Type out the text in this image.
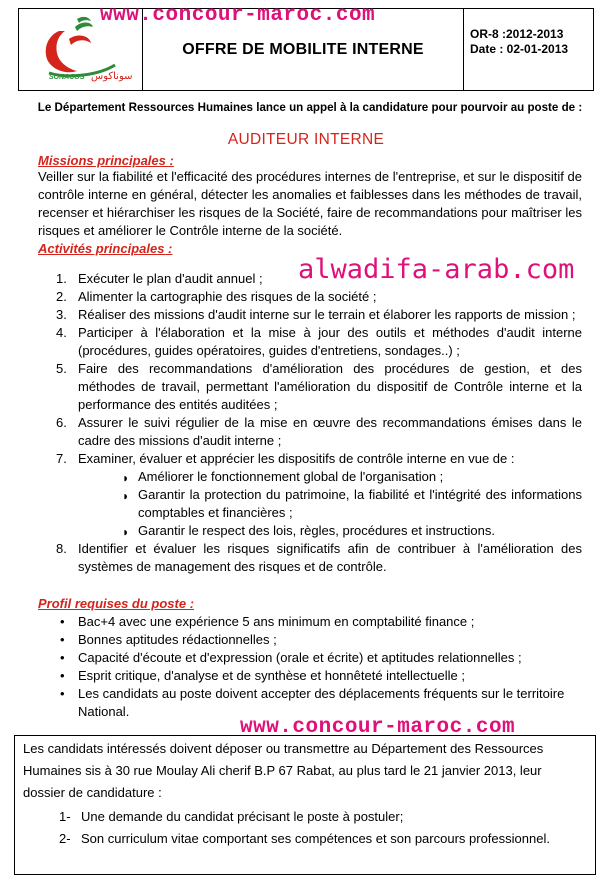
SONACOS سوناكوس
OFFRE DE MOBILITE INTERNE
OR-8 :2012-2013
Date : 02-01-2013
www.concour-maroc.com
Le Département Ressources Humaines lance un appel à la candidature pour pourvoir au poste de :
AUDITEUR INTERNE
Missions principales :
Veiller sur la fiabilité et l'efficacité des procédures internes de l'entreprise, et sur le dispositif de contrôle interne en général, détecter les anomalies et faiblesses dans les méthodes de travail, recenser et hiérarchiser les risques de la Société, faire de recommandations pour maîtriser les risques et améliorer le Contrôle interne de la société.
Activités principales :
1. Exécuter le plan d'audit annuel ;
2. Alimenter la cartographie des risques de la société ;
3. Réaliser des missions d'audit interne sur le terrain et élaborer les rapports de mission ;
4. Participer à l'élaboration et la mise à jour des outils et méthodes d'audit interne (procédures, guides opératoires, guides d'entretiens, sondages..) ;
5. Faire des recommandations d'amélioration des procédures de gestion, et des méthodes de travail, permettant l'amélioration du dispositif de Contrôle interne et la performance des entités auditées ;
6. Assurer le suivi régulier de la mise en œuvre des recommandations émises dans le cadre des missions d'audit interne ;
7. Examiner, évaluer et apprécier les dispositifs de contrôle interne en vue de :
◗ Améliorer le fonctionnement global de l'organisation ;
◗ Garantir la protection du patrimoine, la fiabilité et l'intégrité des informations comptables et financières ;
◗ Garantir le respect des lois, règles, procédures et instructions.
8. Identifier et évaluer les risques significatifs afin de contribuer à l'amélioration des systèmes de management des risques et de contrôle.
alwadifa-arab.com
Profil requises du poste :
• Bac+4 avec une expérience 5 ans minimum en comptabilité finance ;
• Bonnes aptitudes rédactionnelles ;
• Capacité d'écoute et d'expression (orale et écrite) et aptitudes relationnelles ;
• Esprit critique, d'analyse et de synthèse et honnêteté intellectuelle ;
• Les candidats au poste doivent accepter des déplacements fréquents sur le territoire National.
www.concour-maroc.com
Les candidats intéressés doivent déposer ou transmettre au Département des Ressources Humaines sis à 30 rue Moulay Ali cherif B.P 67 Rabat, au plus tard le 21 janvier 2013, leur dossier de candidature :
1- Une demande du candidat précisant le poste à postuler;
2- Son curriculum vitae comportant ses compétences et son parcours professionnel.
